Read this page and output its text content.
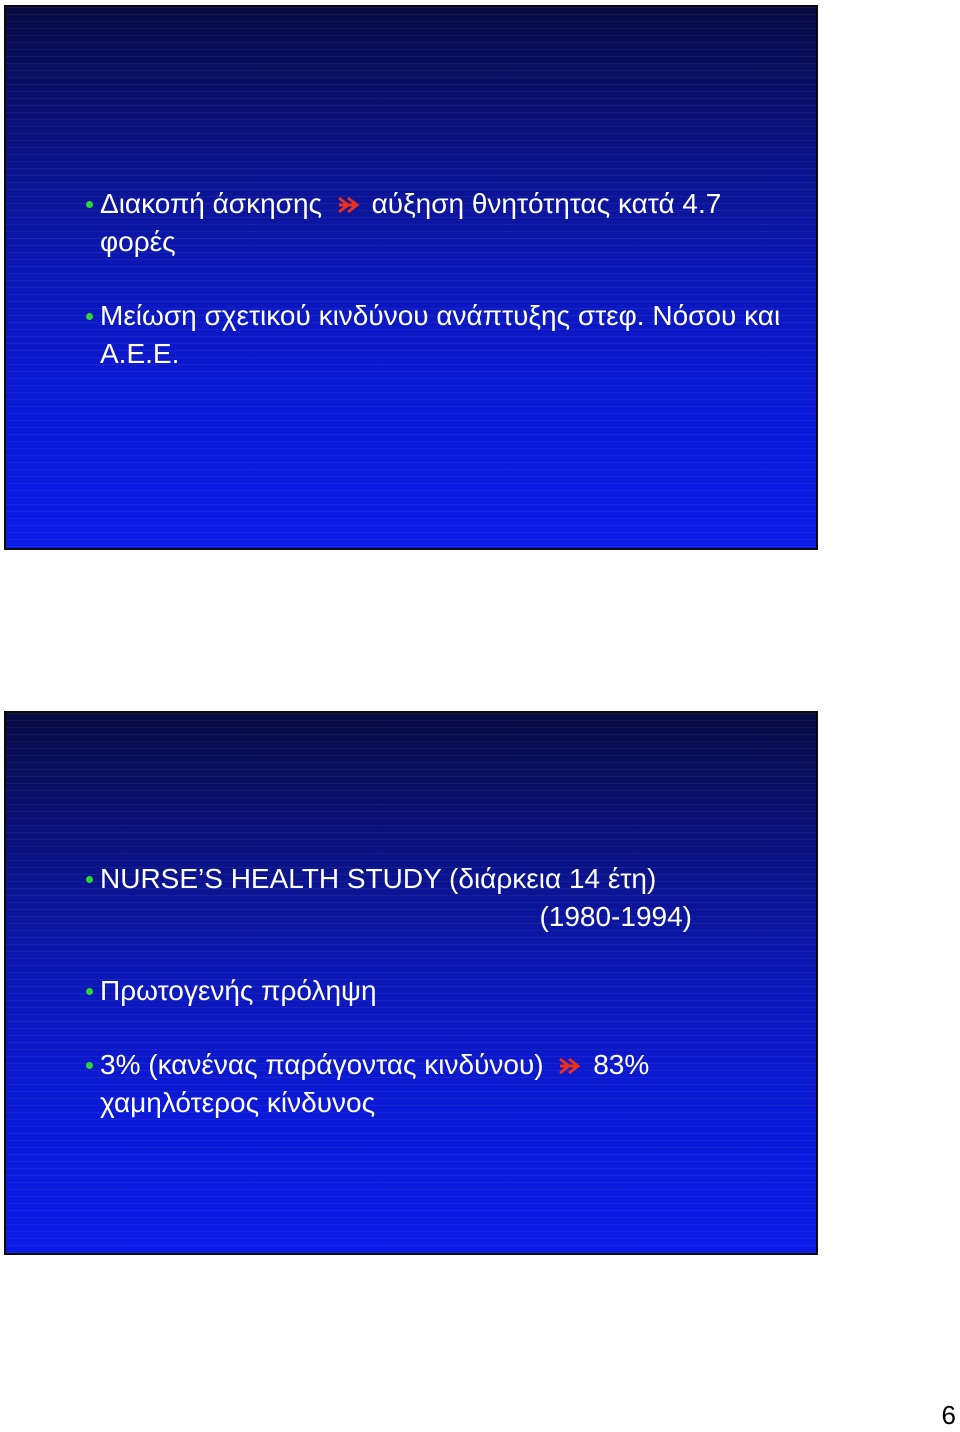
Διακοπή άσκησης  αύξηση θνητότητας κατά 4.7 φορές
Μείωση σχετικού κινδύνου ανάπτυξης στεφ. Νόσου και Α.Ε.Ε.
NURSE’S HEALTH STUDY (διάρκεια 14 έτη)
(1980-1994)
Πρωτογενής πρόληψη
3% (κανένας παράγοντας κινδύνου) 83% χαμηλότερος κίνδυνος
6
